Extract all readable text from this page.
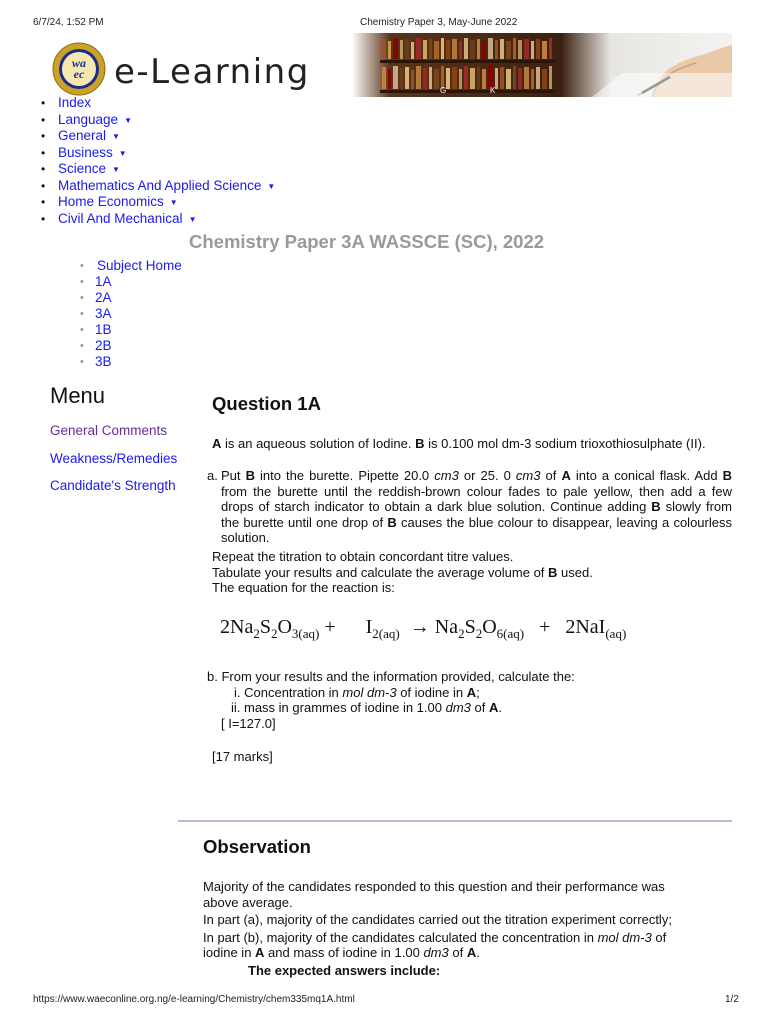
6/7/24, 1:52 PM	Chemistry Paper 3, May-June 2022
wa
ec e-Learning	G	K
• Index
• Language ▼
• General ▼
• Business ▼
• Science ▼
• Mathematics And Applied Science ▼
• Home Economics ▼
• Civil And Mechanical ▼
Chemistry Paper 3A WASSCE (SC), 2022
• Subject Home
• 1A
• 2A
• 3A
• 1B
• 2B
• 3B
Menu
General Comments
Weakness/Remedies
Candidate's Strength
Question 1A
A is an aqueous solution of Iodine. B is 0.100 mol dm-3 sodium trioxothiosulphate (II).
a. Put B into the burette. Pipette 20.0 cm3 or 25. 0 cm3 of A into a conical flask. Add B from the burette until the reddish-brown colour fades to pale yellow, then add a few drops of starch indicator to obtain a dark blue solution. Continue adding B slowly from the burette until one drop of B causes the blue colour to disappear, leaving a colourless solution.
Repeat the titration to obtain concordant titre values.
Tabulate your results and calculate the average volume of B used.
The equation for the reaction is:
$2Na_2S_2O_{3(aq)}$ +      $I_{2(aq)} \to Na_2S_2O_{6(aq)} + 2NaI_{(aq)}$
b. From your results and the information provided, calculate the:
i. Concentration in mol dm-3 of iodine in A;
ii. mass in grammes of iodine in 1.00 dm3 of A.
[ I=127.0]
[17 marks]
Observation

Majority of the candidates responded to this question and their performance was above average.

In part (a), majority of the candidates carried out the titration experiment correctly;

In part (b), majority of the candidates calculated the concentration in mol dm-3 of iodine in A and mass of iodine in 1.00 dm3 of A.

The expected answers include:
https://www.waeconline.org.ng/e-learning/Chemistry/chem335mq1A.html	1/2
